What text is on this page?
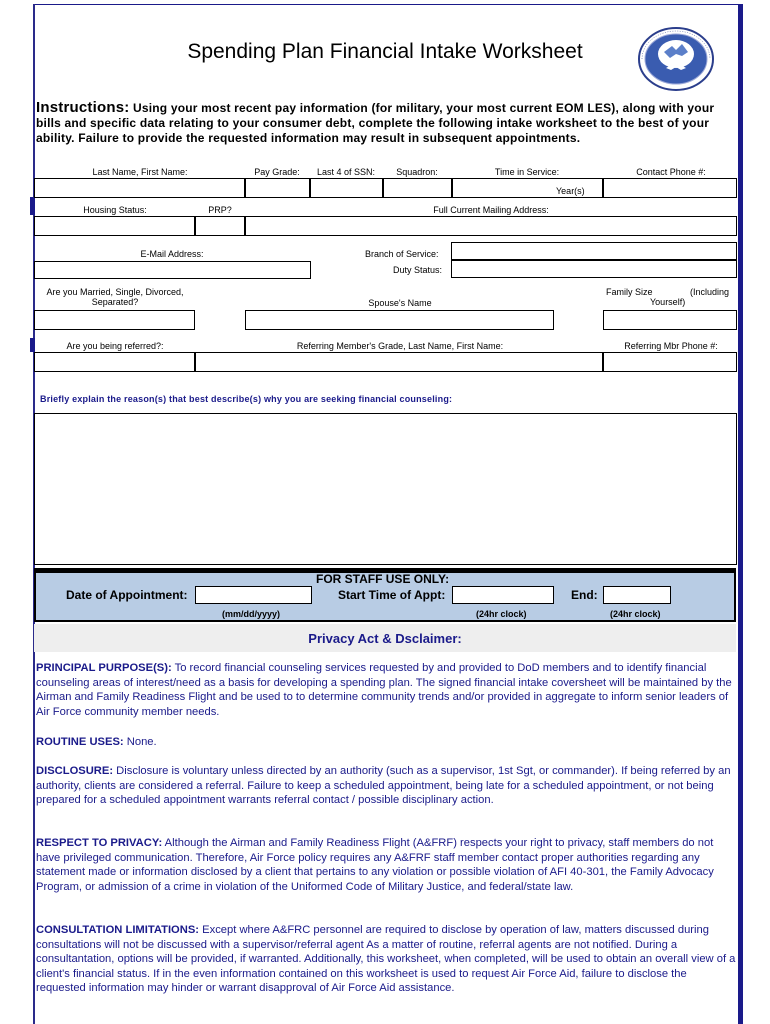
Spending Plan Financial Intake Worksheet
Instructions: Using your most recent pay information (for military, your most current EOM LES), along with your bills and specific data relating to your consumer debt, complete the following intake worksheet to the best of your ability. Failure to provide the requested information may result in subsequent appointments.
Last Name, First Name:	Pay Grade:	Last 4 of SSN:	Squadron:	Time in Service:	Contact Phone #:
Year(s)
Housing Status:	PRP?	Full Current Mailing Address:
E-Mail Address:	Branch of Service:
Duty Status:
Are you Married, Single, Divorced, Separated?	Spouse's Name
Family Size	(Including
Yourself)
Are you being referred?:	Referring Member's Grade, Last Name, First Name:	Referring Mbr Phone #:
Briefly explain the reason(s) that best describe(s) why you are seeking financial counseling:
FOR STAFF USE ONLY:
Date of Appointment:	Start Time of Appt:	End:
(mm/dd/yyyy)	(24hr clock)	(24hr clock)
Privacy Act & Dsclaimer:
PRINCIPAL PURPOSE(S): To record financial counseling services requested by and provided to DoD members and to identify financial counseling areas of interest/need as a basis for developing a spending plan. The signed financial intake coversheet will be maintained by the Airman and Family Readiness Flight and be used to to determine community trends and/or provided in aggregate to inform senior leaders of Air Force community member needs.
ROUTINE USES: None.
DISCLOSURE: Disclosure is voluntary unless directed by an authority (such as a supervisor, 1st Sgt, or commander). If being referred by an authority, clients are considered a referral. Failure to keep a scheduled appointment, being late for a scheduled appointment, or not being prepared for a scheduled appointment warrants referral contact / possible disciplinary action.
RESPECT TO PRIVACY: Although the Airman and Family Readiness Flight (A&FRF) respects your right to privacy, staff members do not have privileged communication. Therefore, Air Force policy requires any A&FRF staff member contact proper authorities regarding any statement made or information disclosed by a client that pertains to any violation or possible violation of AFI 40-301, the Family Advocacy Program, or admission of a crime in violation of the Uniformed Code of Military Justice, and federal/state law.
CONSULTATION LIMITATIONS: Except where A&FRC personnel are required to disclose by operation of law, matters discussed during consultations will not be discussed with a supervisor/referral agent As a matter of routine, referral agents are not notified. During a consultantation, options will be provided, if warranted. Additionally, this worksheet, when completed, will be used to obtain an overall view of a client's financial status. If in the even information contained on this worksheet is used to request Air Force Aid, failure to disclose the requested information may hinder or warrant disapproval of Air Force Aid assistance.
